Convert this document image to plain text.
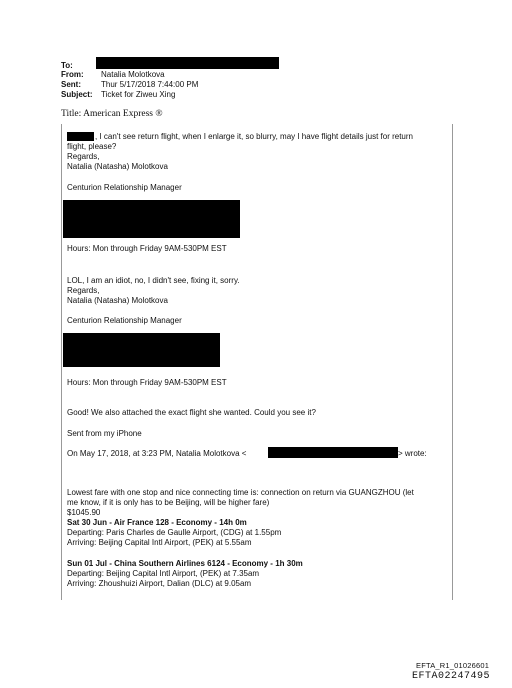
To:
From: Natalia Molotkova
Sent:	Thur 5/17/2018 7:44:00 PM
Subject: Ticket for Ziweu Xing
Title: American Express ®
, I can't see return flight, when I enlarge it, so blurry, may I have flight details just for return
flight, please?
Regards,
Natalia (Natasha) Molotkova
Centurion Relationship Manager
Hours: Mon through Friday 9AM-530PM EST
LOL, I am an idiot, no, I didn't see, fixing it, sorry.
Regards,
Natalia (Natasha) Molotkova
Centurion Relationship Manager
Hours: Mon through Friday 9AM-530PM EST
Good! We also attached the exact flight she wanted. Could you see it?
Sent from my iPhone
On May 17, 2018, at 3:23 PM, Natalia Molotkova <	> wrote:
Lowest fare with one stop and nice connecting time is: connection on return via GUANGZHOU (let
me know, if it is only has to be Beijing, will be higher fare)
$1045.90
Sat 30 Jun - Air France 128 - Economy - 14h 0m
Departing: Paris Charles de Gaulle Airport, (CDG) at 1.55pm
Arriving: Beijing Capital Intl Airport, (PEK) at 5.55am
Sun 01 Jul - China Southern Airlines 6124 - Economy - 1h 30m
Departing: Beijing Capital Intl Airport, (PEK) at 7.35am
Arriving: Zhoushuizi Airport, Dalian (DLC) at 9.05am
EFTA_R1_01026601
EFTA02247495
